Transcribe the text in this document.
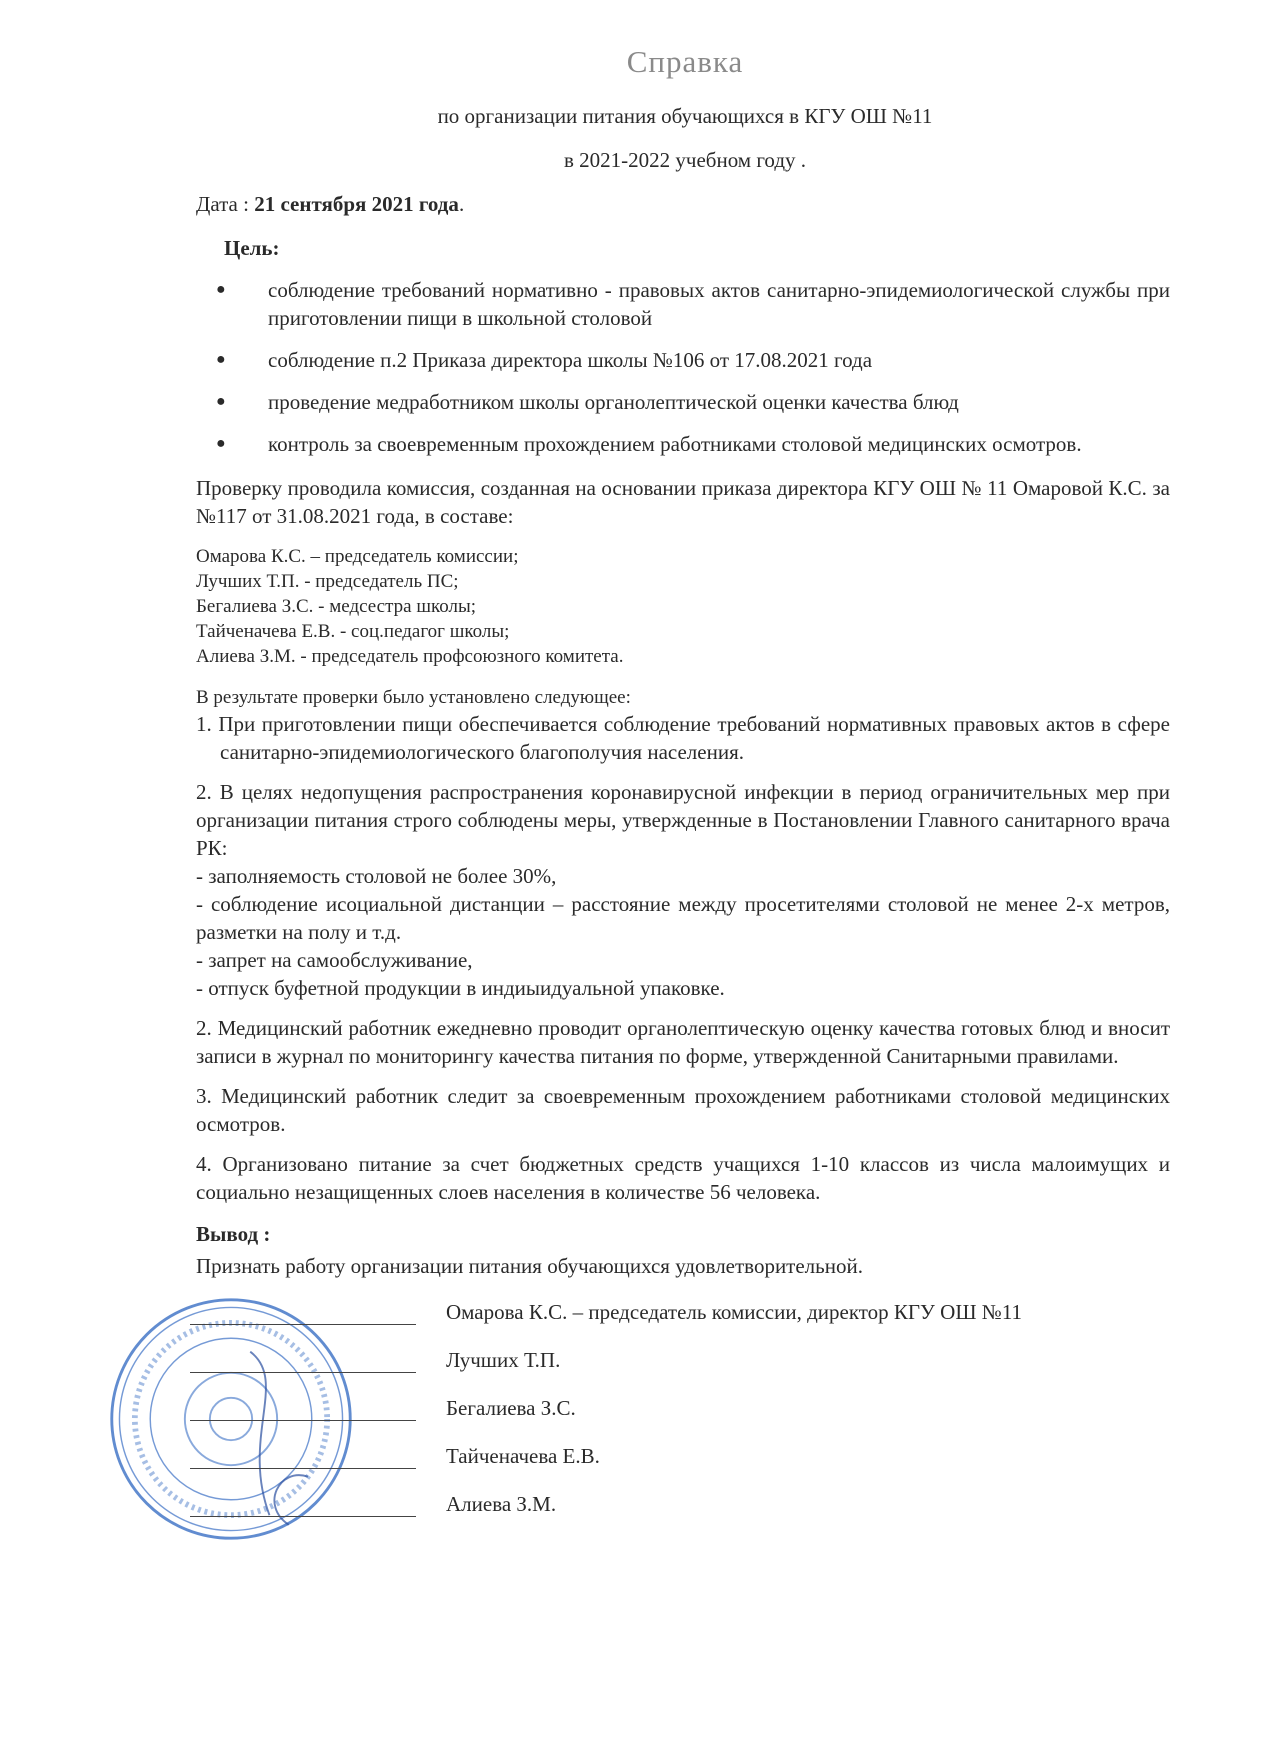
Справка
по организации питания обучающихся в КГУ ОШ №11
в 2021-2022 учебном году .
Дата : 21 сентября 2021 года.
Цель:
● соблюдение требований нормативно - правовых актов санитарно-эпидемиологической службы при приготовлении пищи в школьной столовой
● соблюдение п.2 Приказа директора школы №106 от 17.08.2021 года
● проведение медработником школы органолептической оценки качества блюд
● контроль за своевременным прохождением работниками столовой медицинских осмотров.
Проверку проводила комиссия, созданная на основании приказа директора КГУ ОШ № 11 Омаровой К.С. за №117 от 31.08.2021 года, в составе:
Омарова К.С. – председатель комиссии;
Лучших Т.П. - председатель ПС;
Бегалиева З.С. - медсестра школы;
Тайченачева Е.В. - соц.педагог школы;
Алиева З.М. - председатель профсоюзного комитета.
В результате проверки было установлено следующее:
1. При приготовлении пищи обеспечивается соблюдение требований нормативных правовых актов в сфере санитарно-эпидемиологического благополучия населения.
2. В целях недопущения распространения коронавирусной инфекции в период ограничительных мер при организации питания строго соблюдены меры, утвержденные в Постановлении Главного санитарного врача РК:
- заполняемость столовой не более 30%,
- соблюдение исоциальной дистанции – расстояние между просетителями столовой не менее 2-х метров, разметки на полу и т.д.
- запрет на самообслуживание,
- отпуск буфетной продукции в индиыидуальной упаковке.
2. Медицинский работник ежедневно проводит органолептическую оценку качества готовых блюд и вносит записи в журнал по мониторингу качества питания по форме, утвержденной Санитарными правилами.
3. Медицинский работник следит за своевременным прохождением работниками столовой медицинских осмотров.
4. Организовано питание за счет бюджетных средств учащихся 1-10 классов из числа малоимущих и социально незащищенных слоев населения в количестве 56 человека.
Вывод :
Признать работу организации питания обучающихся удовлетворительной.
Омарова К.С. – председатель комиссии, директор КГУ ОШ №11
Лучших Т.П.
Бегалиева З.С.
Тайченачева Е.В.
Алиева З.М.
